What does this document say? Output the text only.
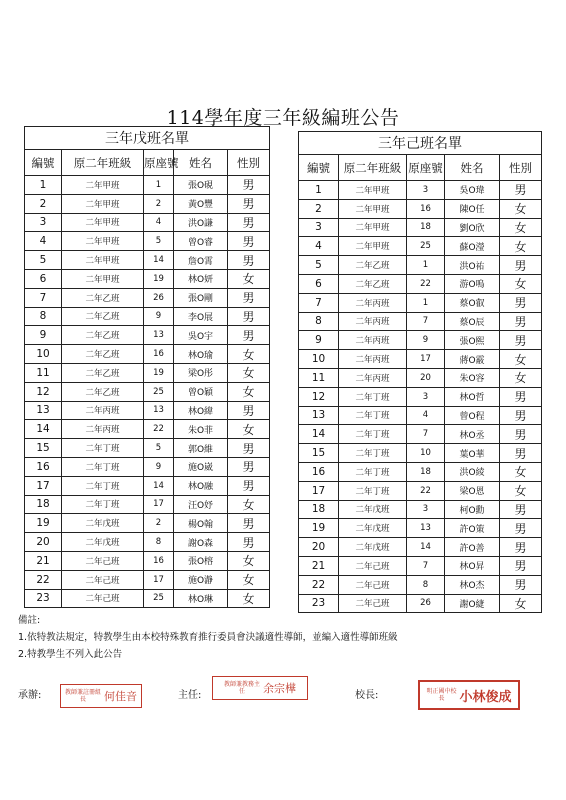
114學年度三年級編班公告
三年戊班名單				
編號	原二年班級	原座號	姓名	性別
1	二年甲班	1	張O硯	男
2	二年甲班	2	黃O豐	男
3	二年甲班	4	洪O謙	男
4	二年甲班	5	曾O睿	男
5	二年甲班	14	詹O霄	男
6	二年甲班	19	林O妍	女
7	二年乙班	26	張O剛	男
8	二年乙班	9	李O展	男
9	二年乙班	13	吳O宇	男
10	二年乙班	16	林O瑜	女
11	二年乙班	19	梁O彤	女
12	二年乙班	25	曾O穎	女
13	二年丙班	13	林O緯	男
14	二年丙班	22	朱O菲	女
15	二年丁班	5	郭O維	男
16	二年丁班	9	施O崴	男
17	二年丁班	14	林O融	男
18	二年丁班	17	汪O妤	女
19	二年戊班	2	楊O翰	男
20	二年戊班	8	謝O森	男
21	二年己班	16	張O榕	女
22	二年己班	17	施O瀞	女
23	二年己班	25	林O琳	女
三年己班名單				
編號	原二年班級	原座號	姓名	性別
1	二年甲班	3	吳O瑋	男
2	二年甲班	16	陳O任	女
3	二年甲班	18	劉O欣	女
4	二年甲班	25	蘇O瀅	女
5	二年乙班	1	洪O祐	男
6	二年乙班	22	游O嗚	女
7	二年丙班	1	蔡O叡	男
8	二年丙班	7	蔡O辰	男
9	二年丙班	9	張O熙	男
10	二年丙班	17	蔣O霰	女
11	二年丙班	20	朱O容	女
12	二年丁班	3	林O哲	男
13	二年丁班	4	曾O程	男
14	二年丁班	7	林O丞	男
15	二年丁班	10	葉O華	男
16	二年丁班	18	洪O綾	女
17	二年丁班	22	梁O恩	女
18	二年戊班	3	柯O勳	男
19	二年戊班	13	許O策	男
20	二年戊班	14	許O善	男
21	二年己班	7	林O昇	男
22	二年己班	8	林O杰	男
23	二年己班	26	謝O緁	女
備註:
1.依特教法規定，特教學生由本校特殊教育推行委員會決議適性導師，並編入適性導師班級
2.特教學生不列入此公告
承辦:	教師兼註冊組長	何佳音	主任:
教師兼教務主任	余宗樺
校長:	明正國中校長	小林俊成
